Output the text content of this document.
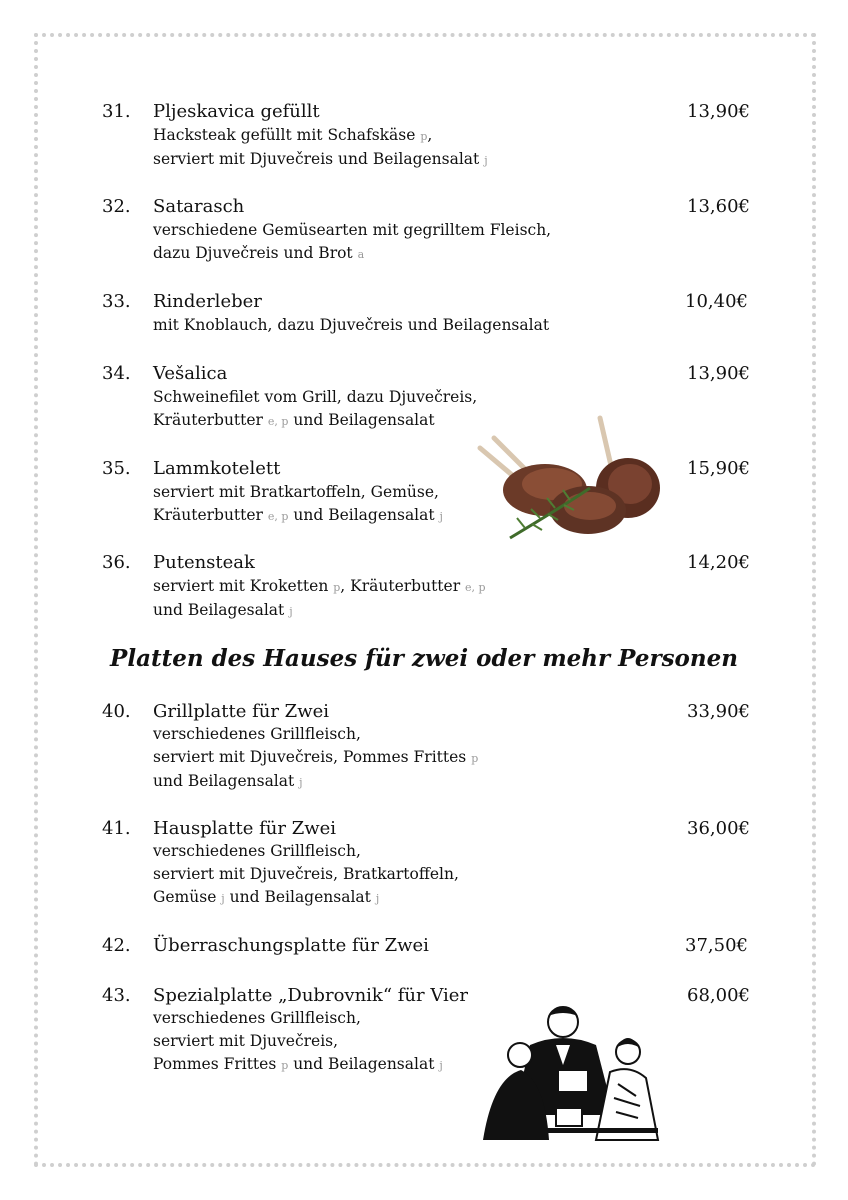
Platten des Hauses für zwei oder mehr Personen
31. Pljeskavica gefüllt	13,90€
Hacksteak gefüllt mit Schafskäse p,
serviert mit Djuvečreis und Beilagensalat j
32. Satarasch	13,60€
verschiedene Gemüsearten mit gegrilltem Fleisch,
dazu Djuvečreis und Brot a
33. Rinderleber	10,40€
mit Knoblauch, dazu Djuvečreis und Beilagensalat
34. Vešalica	13,90€
Schweinefilet vom Grill, dazu Djuvečreis,
Kräuterbutter e, p und Beilagensalat
35. Lammkotelett	15,90€
serviert mit Bratkartoffeln, Gemüse,
Kräuterbutter e, p und Beilagensalat j
36. Putensteak	14,20€
serviert mit Kroketten p, Kräuterbutter e, p
und Beilagesalat j
40. Grillplatte für Zwei	33,90€
verschiedenes Grillfleisch,
serviert mit Djuvečreis, Pommes Frittes p
und Beilagensalat j
41. Hausplatte für Zwei	36,00€
verschiedenes Grillfleisch,
serviert mit Djuvečreis, Bratkartoffeln,
Gemüse j und Beilagensalat j
42. Überraschungsplatte für Zwei	37,50€
43. Spezialplatte „Dubrovnik“ für Vier	68,00€
verschiedenes Grillfleisch,
serviert mit Djuvečreis,
Pommes Frittes p und Beilagensalat j
